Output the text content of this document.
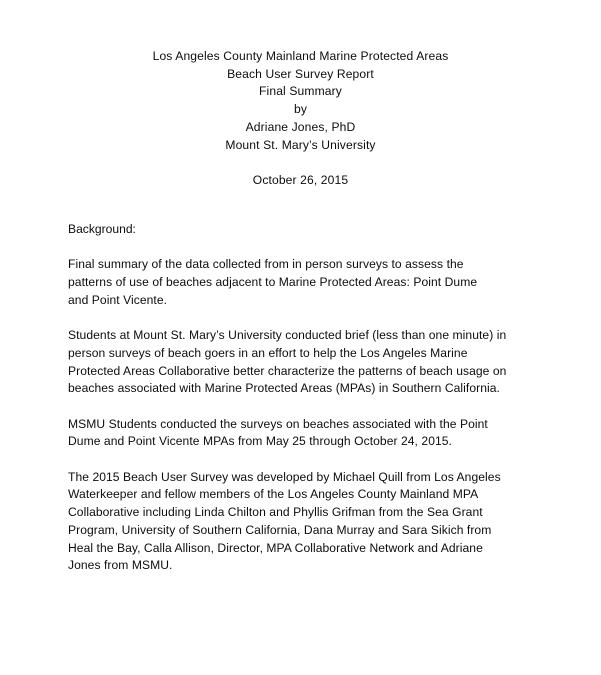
Los Angeles County Mainland Marine Protected Areas
Beach User Survey Report
Final Summary
by
Adriane Jones, PhD
Mount St. Mary’s University
October 26, 2015
Background:
Final summary of the data collected from in person surveys to assess the
patterns of use of beaches adjacent to Marine Protected Areas: Point Dume
and Point Vicente.
Students at Mount St. Mary’s University conducted brief (less than one minute) in
person surveys of beach goers in an effort to help the Los Angeles Marine
Protected Areas Collaborative better characterize the patterns of beach usage on
beaches associated with Marine Protected Areas (MPAs) in Southern California.
MSMU Students conducted the surveys on beaches associated with the Point
Dume and Point Vicente MPAs from May 25 through October 24, 2015.
The 2015 Beach User Survey was developed by Michael Quill from Los Angeles
Waterkeeper and fellow members of the Los Angeles County Mainland MPA
Collaborative including Linda Chilton and Phyllis Grifman from the Sea Grant
Program, University of Southern California, Dana Murray and Sara Sikich from
Heal the Bay, Calla Allison, Director, MPA Collaborative Network and Adriane
Jones from MSMU.
